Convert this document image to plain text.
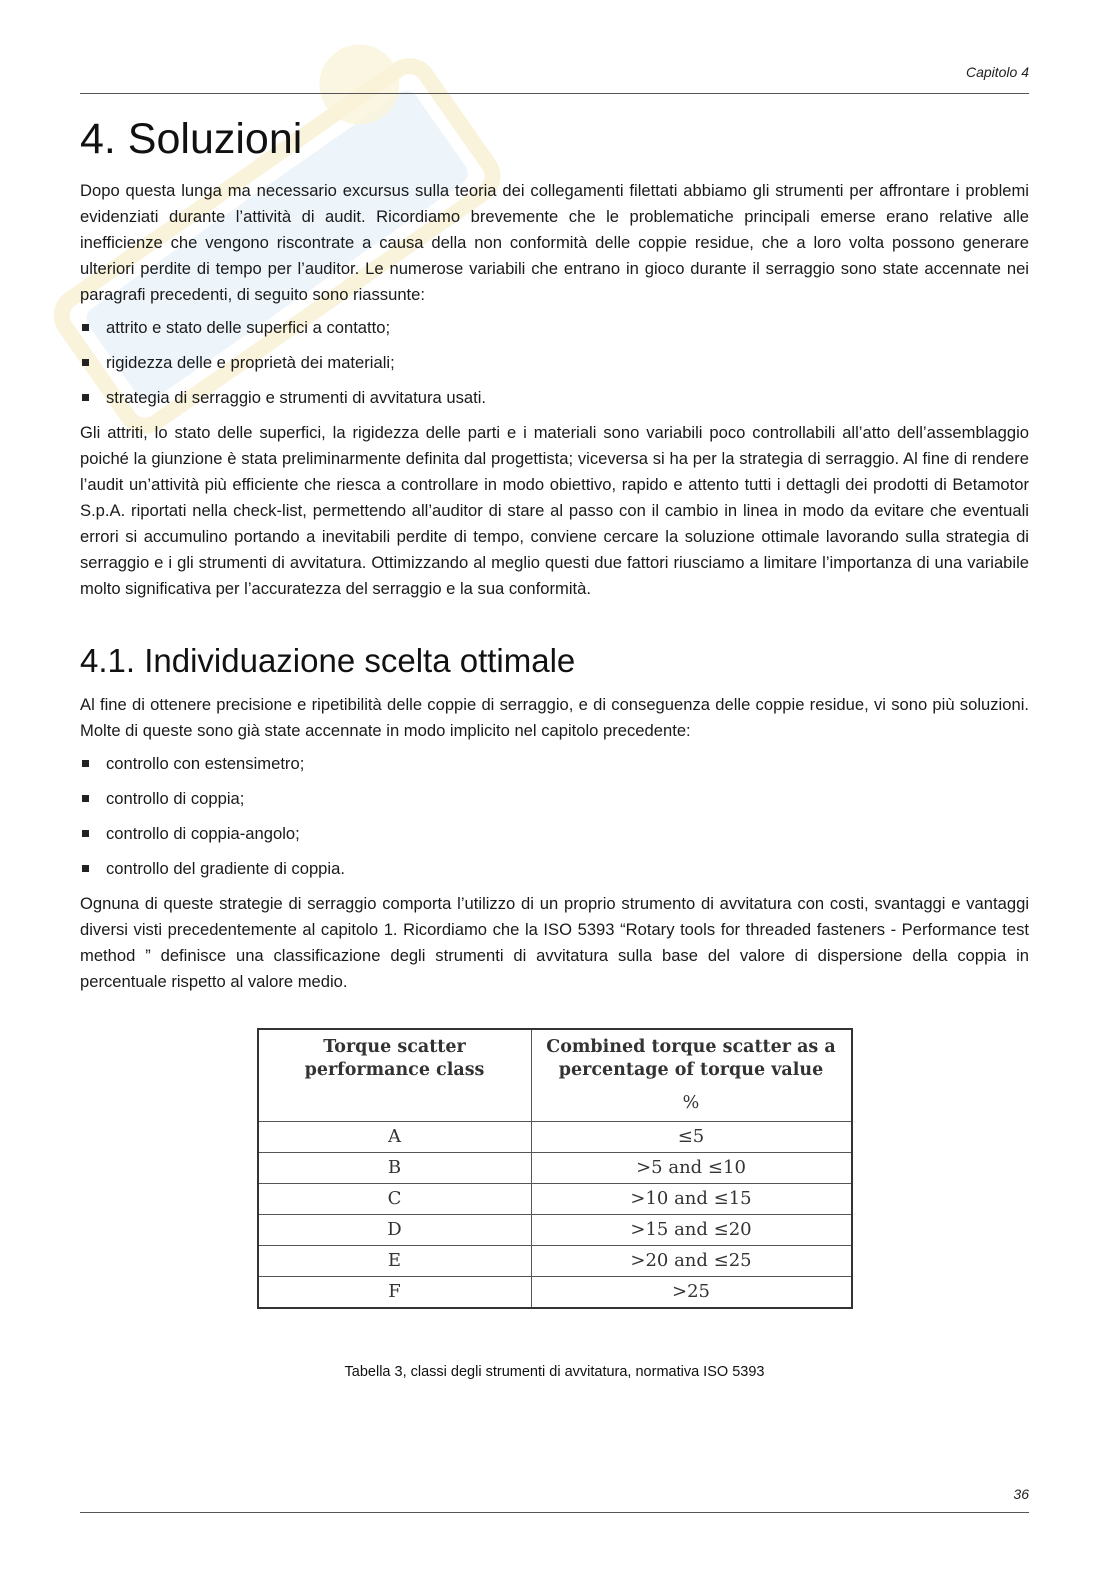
Capitolo 4
4. Soluzioni

Dopo questa lunga ma necessario excursus sulla teoria dei collegamenti filettati abbiamo gli strumenti per affrontare i problemi evidenziati durante l’attività di audit. Ricordiamo brevemente che le problematiche principali emerse erano relative alle inefficienze che vengono riscontrate a causa della non conformità delle coppie residue, che a loro volta possono generare ulteriori perdite di tempo per l’auditor. Le numerose variabili che entrano in gioco durante il serraggio sono state accennate nei paragrafi precedenti, di seguito sono riassunte:

attrito e stato delle superfici a contatto;
rigidezza delle e proprietà dei materiali;
strategia di serraggio e strumenti di avvitatura usati.

Gli attriti, lo stato delle superfici, la rigidezza delle parti e i materiali sono variabili poco controllabili all’atto dell’assemblaggio poiché la giunzione è stata preliminarmente definita dal progettista; viceversa si ha per la strategia di serraggio. Al fine di rendere l’audit un’attività più efficiente che riesca a controllare in modo obiettivo, rapido e attento tutti i dettagli dei prodotti di Betamotor S.p.A. riportati nella check-list, permettendo all’auditor di stare al passo con il cambio in linea in modo da evitare che eventuali errori si accumulino portando a inevitabili perdite di tempo, conviene cercare la soluzione ottimale lavorando sulla strategia di serraggio e i gli strumenti di avvitatura. Ottimizzando al meglio questi due fattori riusciamo a limitare l’importanza di una variabile molto significativa per l’accuratezza del serraggio e la sua conformità.

4.1. Individuazione scelta ottimale

Al fine di ottenere precisione e ripetibilità delle coppie di serraggio, e di conseguenza delle coppie residue, vi sono più soluzioni. Molte di queste sono già state accennate in modo implicito nel capitolo precedente:

controllo con estensimetro;
controllo di coppia;
controllo di coppia-angolo;
controllo del gradiente di coppia.

Ognuna di queste strategie di serraggio comporta l’utilizzo di un proprio strumento di avvitatura con costi, svantaggi e vantaggi diversi visti precedentemente al capitolo 1. Ricordiamo che la ISO 5393 “Rotary tools for threaded fasteners - Performance test method ” definisce una classificazione degli strumenti di avvitatura sulla base del valore di dispersione della coppia in percentuale rispetto al valore medio.

Torque scatter performance class	Combined torque scatter as a percentage of torque value
%

A	≤5
B	>5 and ≤10
C	>10 and ≤15
D	>15 and ≤20
E	>20 and ≤25
F	>25
Tabella 3, classi degli strumenti di avvitatura, normativa ISO 5393
36
